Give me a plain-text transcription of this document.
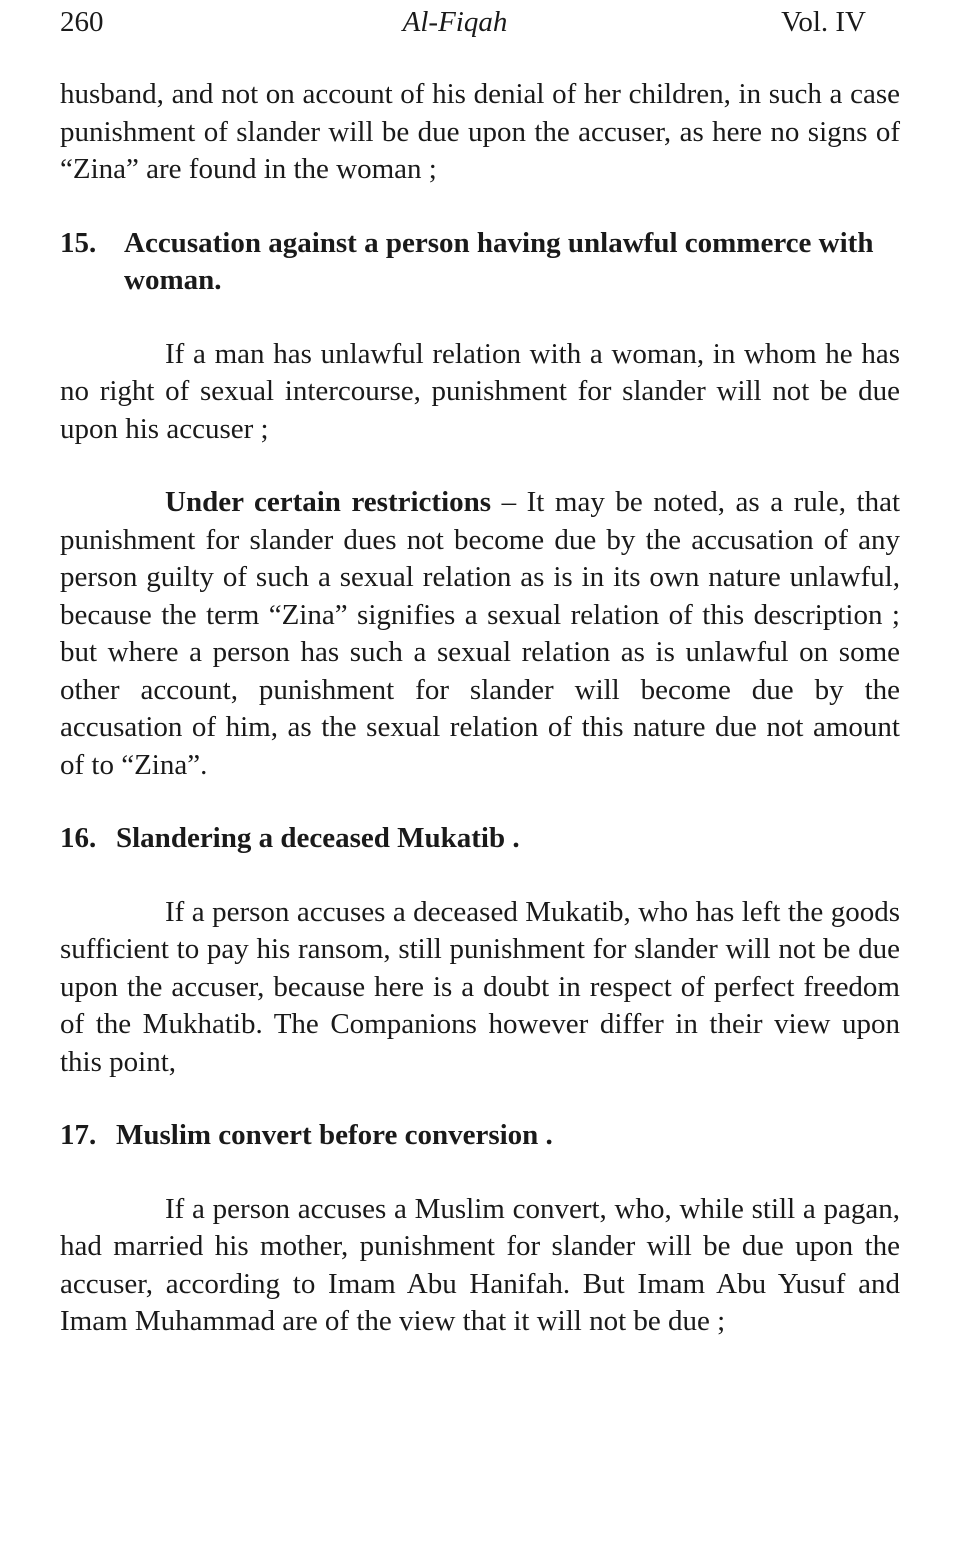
260	Al-Fiqah	Vol. IV

husband, and not on account of his denial of her children, in such a case punishment of slander will be due upon the accuser, as here no signs of “Zina” are found in the woman ;

15. Accusation against a person having unlawful commerce with woman.

If a man has unlawful relation with a woman, in whom he has no right of sexual intercourse, punishment for slander will not be due upon his accuser ;

Under certain restrictions – It may be noted, as a rule, that punishment for slander dues not become due by the accusation of any person guilty of such a sexual relation as is in its own nature unlawful, because the term “Zina” signifies a sexual relation of this description ; but where a person has such a sexual relation as is unlawful on some other account, punishment for slander will become due by the accusation of him, as the sexual relation of this nature due not amount of to “Zina”.

16. Slandering a deceased Mukatib .

If a person accuses a deceased Mukatib, who has left the goods sufficient to pay his ransom, still punishment for slander will not be due upon the accuser, because here is a doubt in respect of perfect freedom of the Mukhatib. The Companions however differ in their view upon this point,

17. Muslim convert before conversion .

If a person accuses a Muslim convert, who, while still a pagan, had married his mother, punishment for slander will be due upon the accuser, according to Imam Abu Hanifah. But Imam Abu Yusuf and Imam Muhammad are of the view that it will not be due ;
